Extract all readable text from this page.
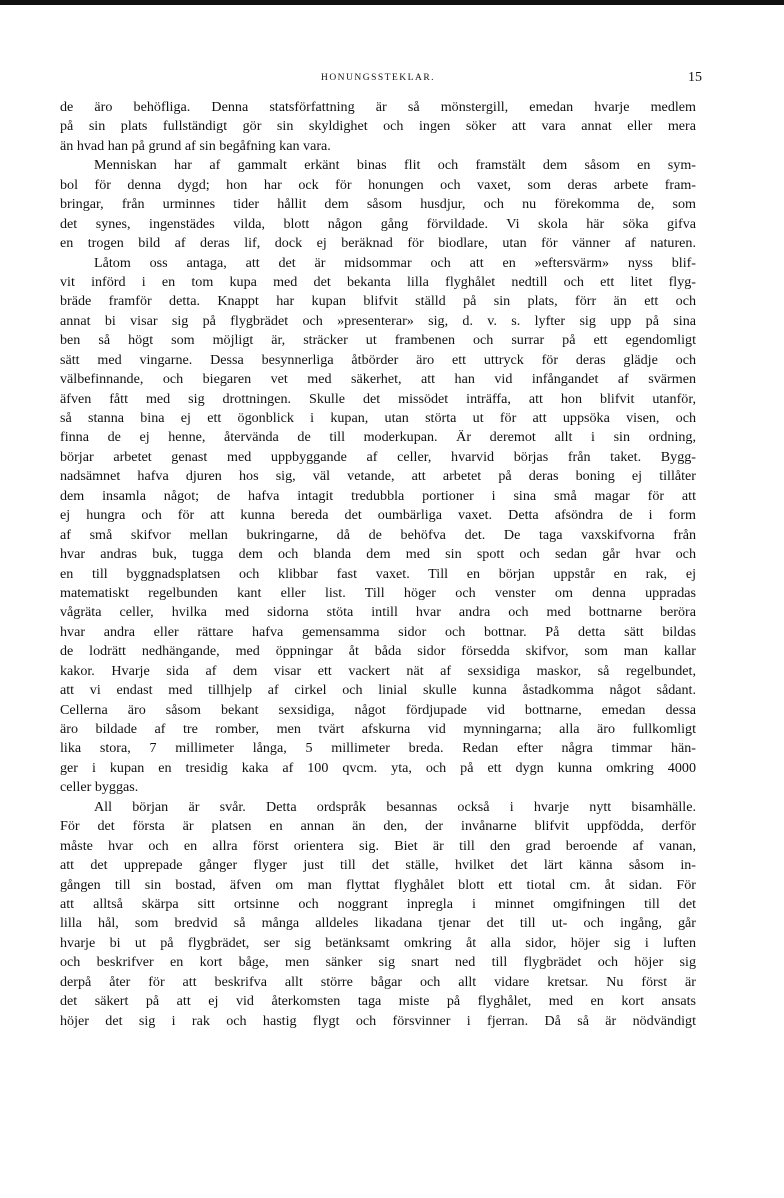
HONUNGSSTEKLAR.	15
de äro behöfliga. Denna statsförfattning är så mönstergill, emedan hvarje medlem
på sin plats fullständigt gör sin skyldighet och ingen söker att vara annat eller mera
än hvad han på grund af sin begåfning kan vara.
Menniskan har af gammalt erkänt binas flit och framstält dem såsom en sym-
bol för denna dygd; hon har ock för honungen och vaxet, som deras arbete fram-
bringar, från urminnes tider hållit dem såsom husdjur, och nu förekomma de, som
det synes, ingenstädes vilda, blott någon gång förvildade. Vi skola här söka gifva
en trogen bild af deras lif, dock ej beräknad för biodlare, utan för vänner af naturen.
Låtom oss antaga, att det är midsommar och att en »eftersvärm» nyss blif-
vit införd i en tom kupa med det bekanta lilla flyghålet nedtill och ett litet flyg-
bräde framför detta. Knappt har kupan blifvit ställd på sin plats, förr än ett och
annat bi visar sig på flygbrädet och »presenterar» sig, d. v. s. lyfter sig upp på sina
ben så högt som möjligt är, sträcker ut frambenen och surrar på ett egendomligt
sätt med vingarne. Dessa besynnerliga åtbörder äro ett uttryck för deras glädje och
välbefinnande, och biegaren vet med säkerhet, att han vid infångandet af svärmen
äfven fått med sig drottningen. Skulle det missödet inträffa, att hon blifvit utanför,
så stanna bina ej ett ögonblick i kupan, utan störta ut för att uppsöka visen, och
finna de ej henne, återvända de till moderkupan. Är deremot allt i sin ordning,
börjar arbetet genast med uppbyggande af celler, hvarvid börjas från taket. Bygg-
nadsämnet hafva djuren hos sig, väl vetande, att arbetet på deras boning ej tillåter
dem insamla något; de hafva intagit tredubbla portioner i sina små magar för att
ej hungra och för att kunna bereda det oumbärliga vaxet. Detta afsöndra de i form
af små skifvor mellan bukringarne, då de behöfva det. De taga vaxskifvorna från
hvar andras buk, tugga dem och blanda dem med sin spott och sedan går hvar och
en till byggnadsplatsen och klibbar fast vaxet. Till en början uppstår en rak, ej
matematiskt regelbunden kant eller list. Till höger och venster om denna uppradas
vågräta celler, hvilka med sidorna stöta intill hvar andra och med bottnarne beröra
hvar andra eller rättare hafva gemensamma sidor och bottnar. På detta sätt bildas
de lodrätt nedhängande, med öppningar åt båda sidor försedda skifvor, som man kallar
kakor. Hvarje sida af dem visar ett vackert nät af sexsidiga maskor, så regelbundet,
att vi endast med tillhjelp af cirkel och linial skulle kunna åstadkomma något sådant.
Cellerna äro såsom bekant sexsidiga, något fördjupade vid bottnarne, emedan dessa
äro bildade af tre romber, men tvärt afskurna vid mynningarna; alla äro fullkomligt
lika stora, 7 millimeter långa, 5 millimeter breda. Redan efter några timmar hän-
ger i kupan en tresidig kaka af 100 qvcm. yta, och på ett dygn kunna omkring 4000
celler byggas.
All början är svår. Detta ordspråk besannas också i hvarje nytt bisamhälle.
För det första är platsen en annan än den, der invånarne blifvit uppfödda, derför
måste hvar och en allra först orientera sig. Biet är till den grad beroende af vanan,
att det upprepade gånger flyger just till det ställe, hvilket det lärt känna såsom in-
gången till sin bostad, äfven om man flyttat flyghålet blott ett tiotal cm. åt sidan. För
att alltså skärpa sitt ortsinne och noggrant inpregla i minnet omgifningen till det
lilla hål, som bredvid så många alldeles likadana tjenar det till ut- och ingång, går
hvarje bi ut på flygbrädet, ser sig betänksamt omkring åt alla sidor, höjer sig i luften
och beskrifver en kort båge, men sänker sig snart ned till flygbrädet och höjer sig
derpå åter för att beskrifva allt större bågar och allt vidare kretsar. Nu först är
det säkert på att ej vid återkomsten taga miste på flyghålet, med en kort ansats
höjer det sig i rak och hastig flygt och försvinner i fjerran. Då så är nödvändigt
